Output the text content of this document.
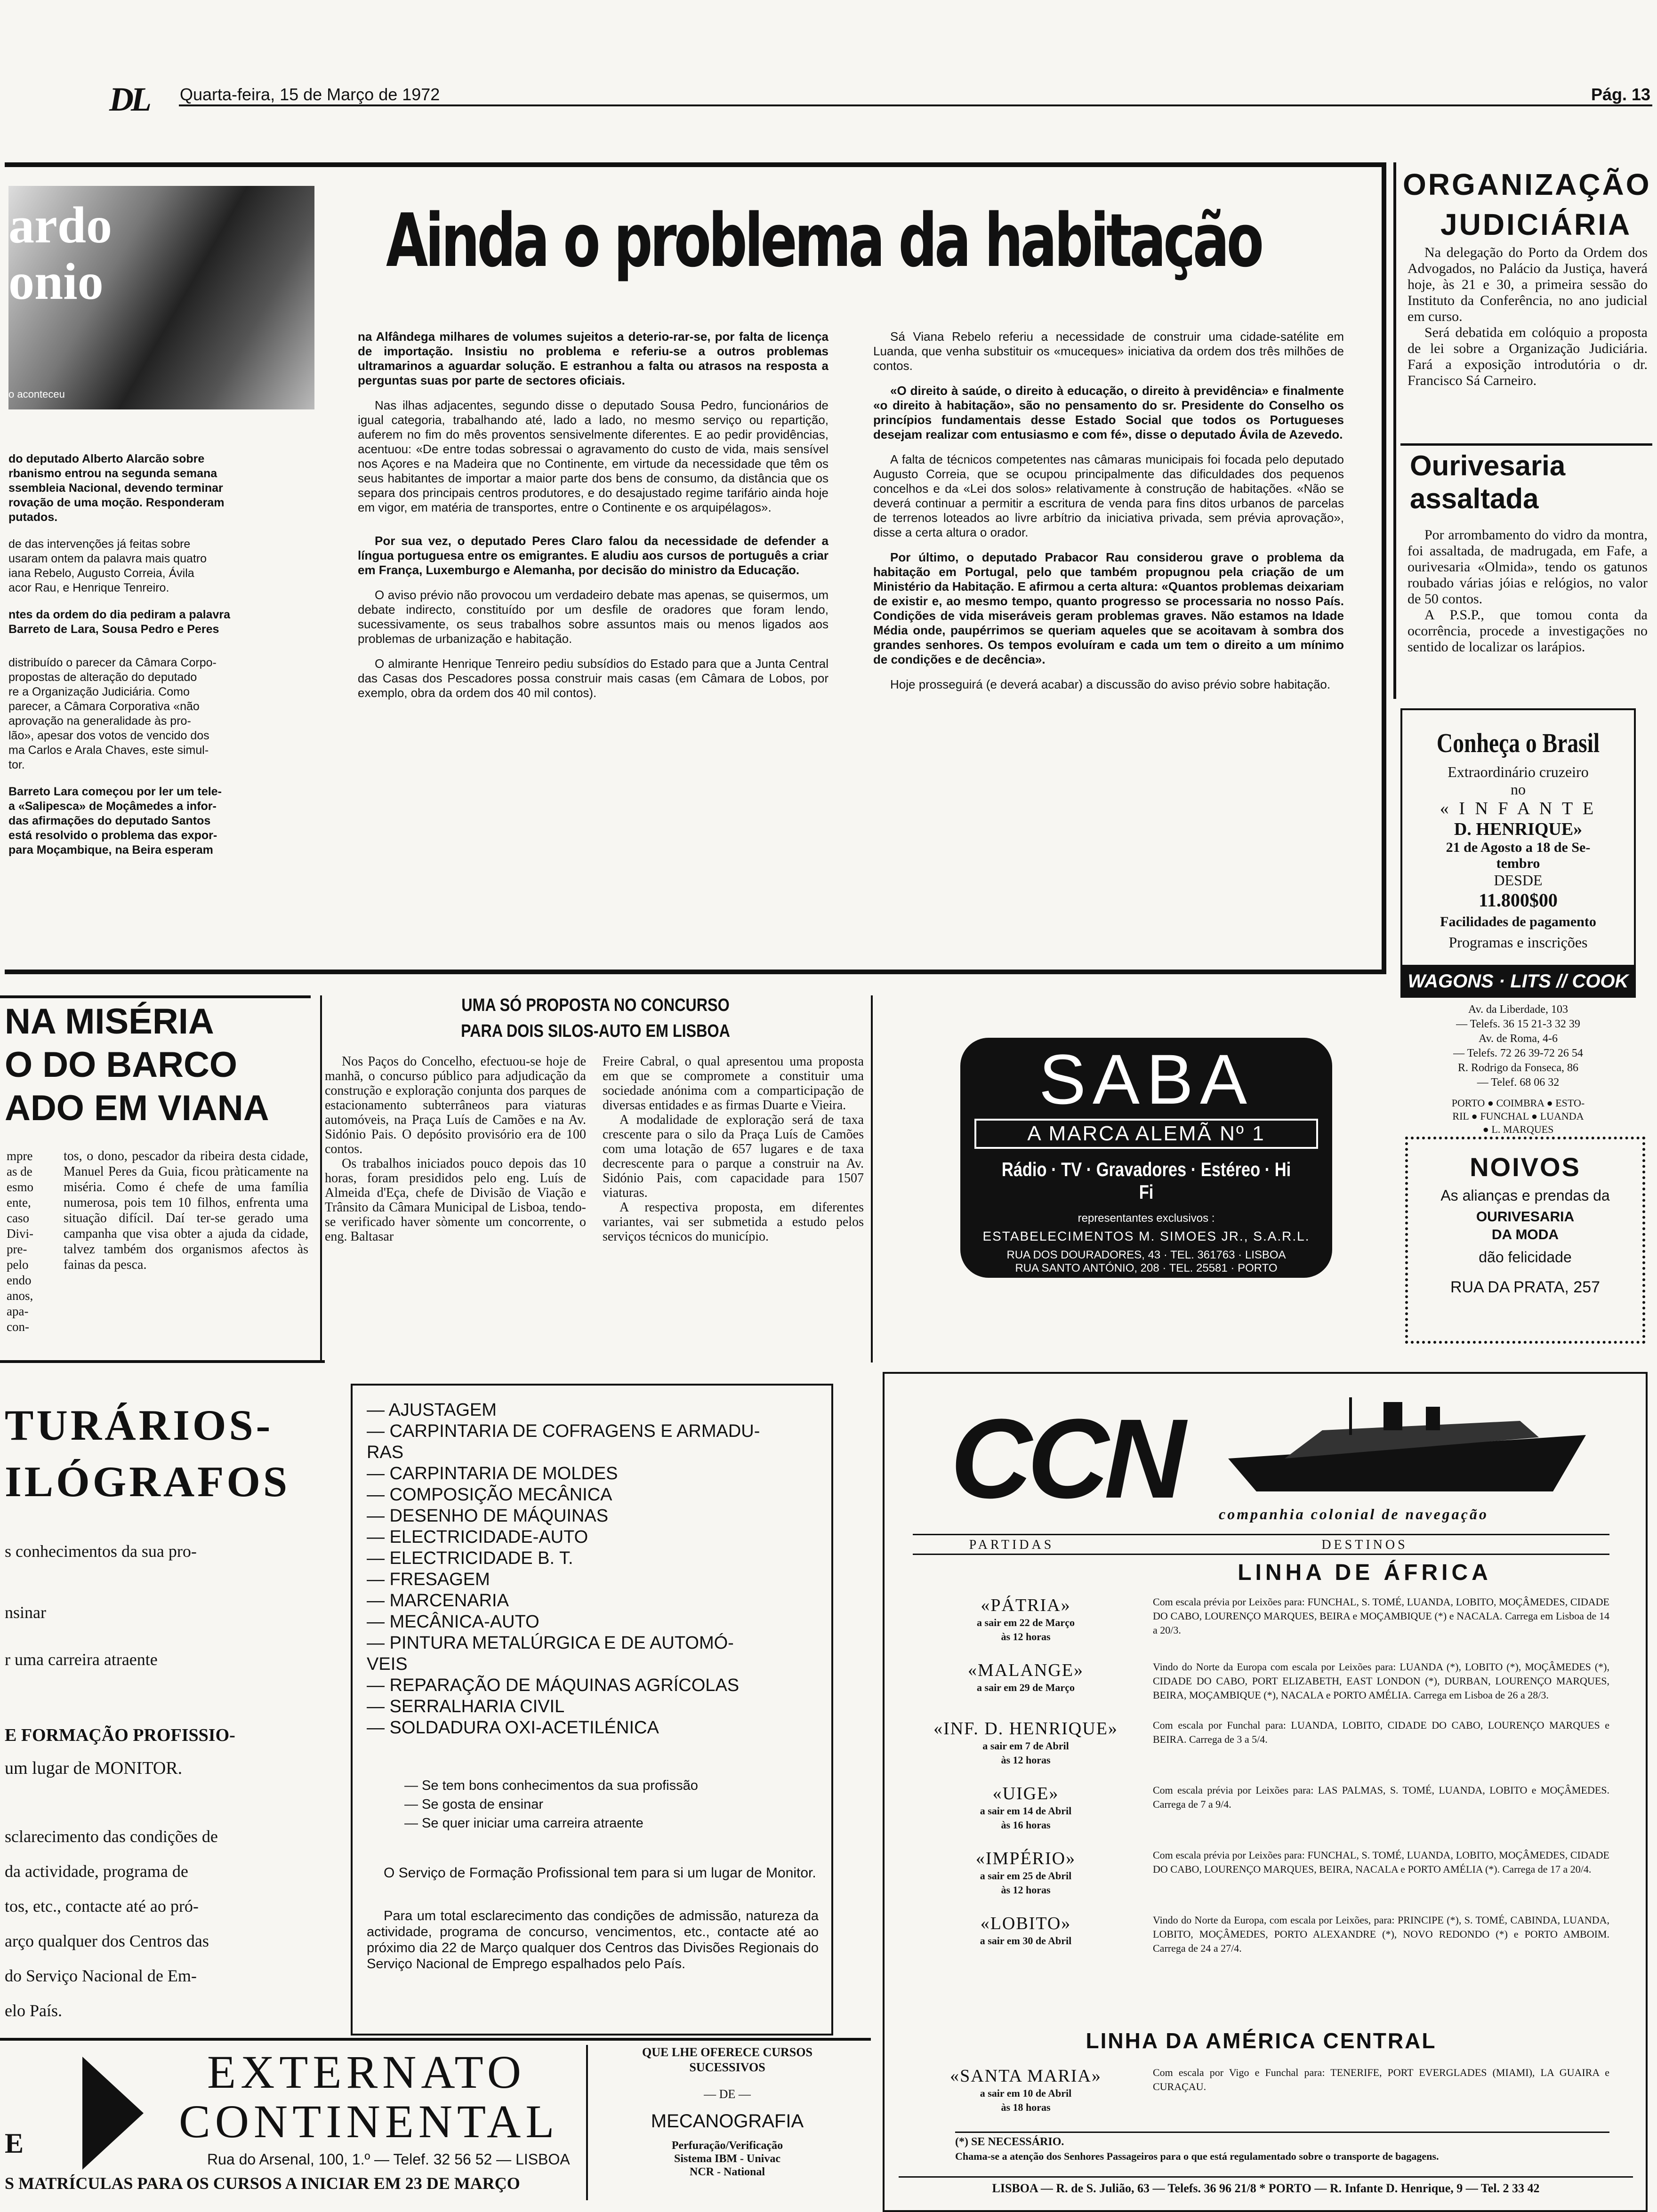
DL Quarta-feira, 15 de Março de 1972	Pág. 13
ardo
onio
o aconteceu
Ainda o problema da habitação

do deputado Alberto Alarcão sobre
rbanismo entrou na segunda semana
ssembleia Nacional, devendo terminar
rovação de uma moção. Responderam
putados.

de das intervenções já feitas sobre
usaram ontem da palavra mais quatro
iana Rebelo, Augusto Correia, Ávila
acor Rau, e Henrique Tenreiro.

ntes da ordem do dia pediram a palavra
Barreto de Lara, Sousa Pedro e Peres

distribuído o parecer da Câmara Corpo-
propostas de alteração do deputado
re a Organização Judiciária. Como
parecer, a Câmara Corporativa «não
aprovação na generalidade às pro-
lão», apesar dos votos de vencido dos
ma Carlos e Arala Chaves, este simul-
tor.

Barreto Lara começou por ler um tele-
a «Salipesca» de Moçâmedes a infor-
das afirmações do deputado Santos
está resolvido o problema das expor-
para Moçambique, na Beira esperam

na Alfândega milhares de volumes sujeitos a deterio-rar-se, por falta de licença de importação. Insistiu no problema e referiu-se a outros problemas ultramarinos a aguardar solução. E estranhou a falta ou atrasos na resposta a perguntas suas por parte de sectores oficiais.

Nas ilhas adjacentes, segundo disse o deputado Sousa Pedro, funcionários de igual categoria, trabalhando até, lado a lado, no mesmo serviço ou repartição, auferem no fim do mês proventos sensivelmente diferentes. E ao pedir providências, acentuou: «De entre todas sobressai o agravamento do custo de vida, mais sensível nos Açores e na Madeira que no Continente, em virtude da necessidade que têm os seus habitantes de importar a maior parte dos bens de consumo, da distância que os separa dos principais centros produtores, e do desajustado regime tarifário ainda hoje em vigor, em matéria de transportes, entre o Continente e os arquipélagos».

Por sua vez, o deputado Peres Claro falou da necessidade de defender a língua portuguesa entre os emigrantes. E aludiu aos cursos de português a criar em França, Luxemburgo e Alemanha, por decisão do ministro da Educação.

O aviso prévio não provocou um verdadeiro debate mas apenas, se quisermos, um debate indirecto, constituído por um desfile de oradores que foram lendo, sucessivamente, os seus trabalhos sobre assuntos mais ou menos ligados aos problemas de urbanização e habitação.

O almirante Henrique Tenreiro pediu subsídios do Estado para que a Junta Central das Casas dos Pescadores possa construir mais casas (em Câmara de Lobos, por exemplo, obra da ordem dos 40 mil contos).

Sá Viana Rebelo referiu a necessidade de construir uma cidade-satélite em Luanda, que venha substituir os «muceques» iniciativa da ordem dos três milhões de contos.

«O direito à saúde, o direito à educação, o direito à previdência» e finalmente «o direito à habitação», são no pensamento do sr. Presidente do Conselho os princípios fundamentais desse Estado Social que todos os Portugueses desejam realizar com entusiasmo e com fé», disse o deputado Ávila de Azevedo.

A falta de técnicos competentes nas câmaras municipais foi focada pelo deputado Augusto Correia, que se ocupou principalmente das dificuldades dos pequenos concelhos e da «Lei dos solos» relativamente à construção de habitações. «Não se deverá continuar a permitir a escritura de venda para fins ditos urbanos de parcelas de terrenos loteados ao livre arbítrio da iniciativa privada, sem prévia aprovação», disse a certa altura o orador.

Por último, o deputado Prabacor Rau considerou grave o problema da habitação em Portugal, pelo que também propugnou pela criação de um Ministério da Habitação. E afirmou a certa altura: «Quantos problemas deixariam de existir e, ao mesmo tempo, quanto progresso se processaria no nosso País. Condições de vida miseráveis geram problemas graves. Não estamos na Idade Média onde, paupérrimos se queriam aqueles que se acoitavam à sombra dos grandes senhores. Os tempos evoluíram e cada um tem o direito a um mínimo de condições e de decência».

Hoje prosseguirá (e deverá acabar) a discussão do aviso prévio sobre habitação.

ORGANIZAÇÃO
JUDICIÁRIA

Na delegação do Porto da Ordem dos Advogados, no Palácio da Justiça, haverá hoje, às 21 e 30, a primeira sessão do Instituto da Conferência, no ano judicial em curso.

Será debatida em colóquio a proposta de lei sobre a Organização Judiciária. Fará a exposição introdutória o dr. Francisco Sá Carneiro.

Ourivesaria
assaltada

Por arrombamento do vidro da montra, foi assaltada, de madrugada, em Fafe, a ourivesaria «Olmida», tendo os gatunos roubado várias jóias e relógios, no valor de 50 contos.

A P.S.P., que tomou conta da ocorrência, procede a investigações no sentido de localizar os larápios.

Conheça o Brasil
Extraordinário cruzeiro
no
« I N F A N T E
D. HENRIQUE»
21 de Agosto a 18 de Se-
tembro
DESDE
11.800$00
Facilidades de pagamento
Programas e inscrições
WAGONS · LITS // COOK
Av. da Liberdade, 103
— Telefs. 36 15 21-3 32 39
Av. de Roma, 4-6
— Telefs. 72 26 39-72 26 54
R. Rodrigo da Fonseca, 86
— Telef. 68 06 32
PORTO ● COIMBRA ● ESTO-
RIL ● FUNCHAL ● LUANDA
● L. MARQUES
NOIVOS
As alianças e prendas da
OURIVESARIA
DA MODA
dão felicidade
RUA DA PRATA, 257
NA MISÉRIA
O DO BARCO
ADO EM VIANA
mpre
as de
esmo
ente,
caso
Divi-
pre-
pelo
endo
anos,
apa-
con-
tos, o dono, pescador da ribeira desta cidade, Manuel Peres da Guia, ficou pràticamente na miséria. Como é chefe de uma família numerosa, pois tem 10 filhos, enfrenta uma situação difícil. Daí ter-se gerado uma campanha que visa obter a ajuda da cidade, talvez também dos organismos afectos às fainas da pesca.
UMA SÓ PROPOSTA NO CONCURSO
PARA DOIS SILOS-AUTO EM LISBOA

Nos Paços do Concelho, efectuou-se hoje de manhã, o concurso público para adjudicação da construção e exploração conjunta dos parques de estacionamento subterrâneos para viaturas automóveis, na Praça Luís de Camões e na Av. Sidónio Pais. O depósito provisório era de 100 contos.

Os trabalhos iniciados pouco depois das 10 horas, foram presididos pelo eng. Luís de Almeida d'Eça, chefe de Divisão de Viação e Trânsito da Câmara Municipal de Lisboa, tendo-se verificado haver sòmente um concorrente, o eng. Baltasar

Freire Cabral, o qual apresentou uma proposta em que se compromete a constituir uma sociedade anónima com a comparticipação de diversas entidades e as firmas Duarte e Vieira.

A modalidade de exploração será de taxa crescente para o silo da Praça Luís de Camões com uma lotação de 657 lugares e de taxa decrescente para o parque a construir na Av. Sidónio Pais, com capacidade para 1507 viaturas.

A respectiva proposta, em diferentes variantes, vai ser submetida a estudo pelos serviços técnicos do município.

SABA
A MARCA ALEMÃ Nº 1
Rádio · TV · Gravadores · Estéreo · Hi Fi
representantes exclusivos :
ESTABELECIMENTOS M. SIMOES JR., S.A.R.L.
RUA DOS DOURADORES, 43 · TEL. 361763 · LISBOA
RUA SANTO ANTÓNIO, 208 · TEL. 25581 · PORTO
TURÁRIOS-
ILÓGRAFOS
s conhecimentos da sua pro-
nsinar
r uma carreira atraente
E FORMAÇÃO PROFISSIO-
um lugar de MONITOR.
sclarecimento das condições de
da actividade, programa de
tos, etc., contacte até ao pró-
arço qualquer dos Centros das
do Serviço Nacional de Em-
elo País.
— AJUSTAGEM
— CARPINTARIA DE COFRAGENS E ARMADU-
RAS
— CARPINTARIA DE MOLDES
— COMPOSIÇÃO MECÂNICA
— DESENHO DE MÁQUINAS
— ELECTRICIDADE-AUTO
— ELECTRICIDADE B. T.
— FRESAGEM
— MARCENARIA
— MECÂNICA-AUTO
— PINTURA METALÚRGICA E DE AUTOMÓ-
VEIS
— REPARAÇÃO DE MÁQUINAS AGRÍCOLAS
— SERRALHARIA CIVIL
— SOLDADURA OXI-ACETILÉNICA
— Se tem bons conhecimentos da sua profissão
— Se gosta de ensinar
— Se quer iniciar uma carreira atraente
O Serviço de Formação Profissional tem para si um lugar de Monitor.
Para um total esclarecimento das condições de admissão, natureza da actividade, programa de concurso, vencimentos, etc., contacte até ao próximo dia 22 de Março qualquer dos Centros das Divisões Regionais do Serviço Nacional de Emprego espalhados pelo País.
EXTERNATO
CONTINENTAL
Rua do Arsenal, 100, 1.º — Telef. 32 56 52 — LISBOA
E
S MATRÍCULAS PARA OS CURSOS A INICIAR EM 23 DE MARÇO
QUE LHE OFERECE CURSOS
SUCESSIVOS
— DE —
MECANOGRAFIA
Perfuração/Verificação
Sistema IBM - Univac
NCR - National
CCN	companhia colonial de navegação
PARTIDAS	DESTINOS
LINHA DE ÁFRICA
«PÁTRIA»
a sair em 22 de Março
às 12 horas
Com escala prévia por Leixões para: FUNCHAL, S. TOMÉ, LUANDA, LOBITO, MOÇÂMEDES, CIDADE DO CABO, LOURENÇO MARQUES, BEIRA e MOÇAMBIQUE (*) e NACALA. Carrega em Lisboa de 14 a 20/3.
«MALANGE»
a sair em 29 de Março
Vindo do Norte da Europa com escala por Leixões para: LUANDA (*), LOBITO (*), MOÇÂMEDES (*), CIDADE DO CABO, PORT ELIZABETH, EAST LONDON (*), DURBAN, LOURENÇO MARQUES, BEIRA, MOÇAMBIQUE (*), NACALA e PORTO AMÉLIA. Carrega em Lisboa de 26 a 28/3.
«INF. D. HENRIQUE»
a sair em 7 de Abril
às 12 horas
Com escala por Funchal para: LUANDA, LOBITO, CIDADE DO CABO, LOURENÇO MARQUES e BEIRA. Carrega de 3 a 5/4.
«UIGE»
a sair em 14 de Abril
às 16 horas
Com escala prévia por Leixões para: LAS PALMAS, S. TOMÉ, LUANDA, LOBITO e MOÇÂMEDES. Carrega de 7 a 9/4.
«IMPÉRIO»
a sair em 25 de Abril
às 12 horas
Com escala prévia por Leixões para: FUNCHAL, S. TOMÉ, LUANDA, LOBITO, MOÇÂMEDES, CIDADE DO CABO, LOURENÇO MARQUES, BEIRA, NACALA e PORTO AMÉLIA (*). Carrega de 17 a 20/4.
«LOBITO»
a sair em 30 de Abril
Vindo do Norte da Europa, com escala por Leixões, para: PRINCIPE (*), S. TOMÉ, CABINDA, LUANDA, LOBITO, MOÇÂMEDES, PORTO ALEXANDRE (*), NOVO REDONDO (*) e PORTO AMBOIM. Carrega de 24 a 27/4.
LINHA DA AMÉRICA CENTRAL
«SANTA MARIA»
a sair em 10 de Abril
às 18 horas
Com escala por Vigo e Funchal para: TENERIFE, PORT EVERGLADES (MIAMI), LA GUAIRA e CURAÇAU.
(*) SE NECESSÁRIO.
Chama-se a atenção dos Senhores Passageiros para o que está regulamentado sobre o transporte de bagagens.
LISBOA — R. de S. Julião, 63 — Telefs. 36 96 21/8 * PORTO — R. Infante D. Henrique, 9 — Tel. 2 33 42
